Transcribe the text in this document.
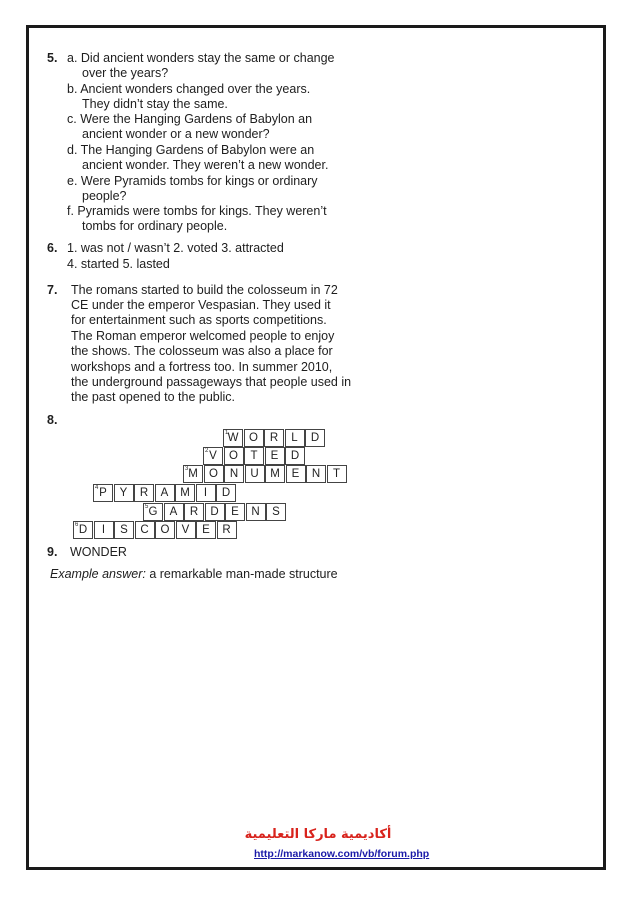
5. a. Did ancient wonders stay the same or change
over the years?
b. Ancient wonders changed over the years.
They didn’t stay the same.
c. Were the Hanging Gardens of Babylon an
ancient wonder or a new wonder?
d. The Hanging Gardens of Babylon were an
ancient wonder. They weren’t a new wonder.
e. Were Pyramids tombs for kings or ordinary
people?
f. Pyramids were tombs for kings. They weren’t
tombs for ordinary people.
6. 1. was not / wasn’t 2. voted 3. attracted
4. started 5. lasted
7. The romans started to build the colosseum in 72
CE under the emperor Vespasian. They used it
for entertainment such as sports competitions.
The Roman emperor welcomed people to enjoy
the shows. The colosseum was also a place for
workshops and a fortress too. In summer 2010,
the underground passageways that people used in
the past opened to the public.
8.
W O	R	L	D
1
V	O	T	E	D
2
M O	N	U	M	E	N	T
3
P	Y	R	A	M	I	D
4
G	A	R	D	E	N	S
5
D	I	S	C	O	V	E	R
6
9. WONDER
Example answer: a remarkable man-made structure
أكاديمية ماركا التعليمية
http://markanow.com/vb/forum.php
